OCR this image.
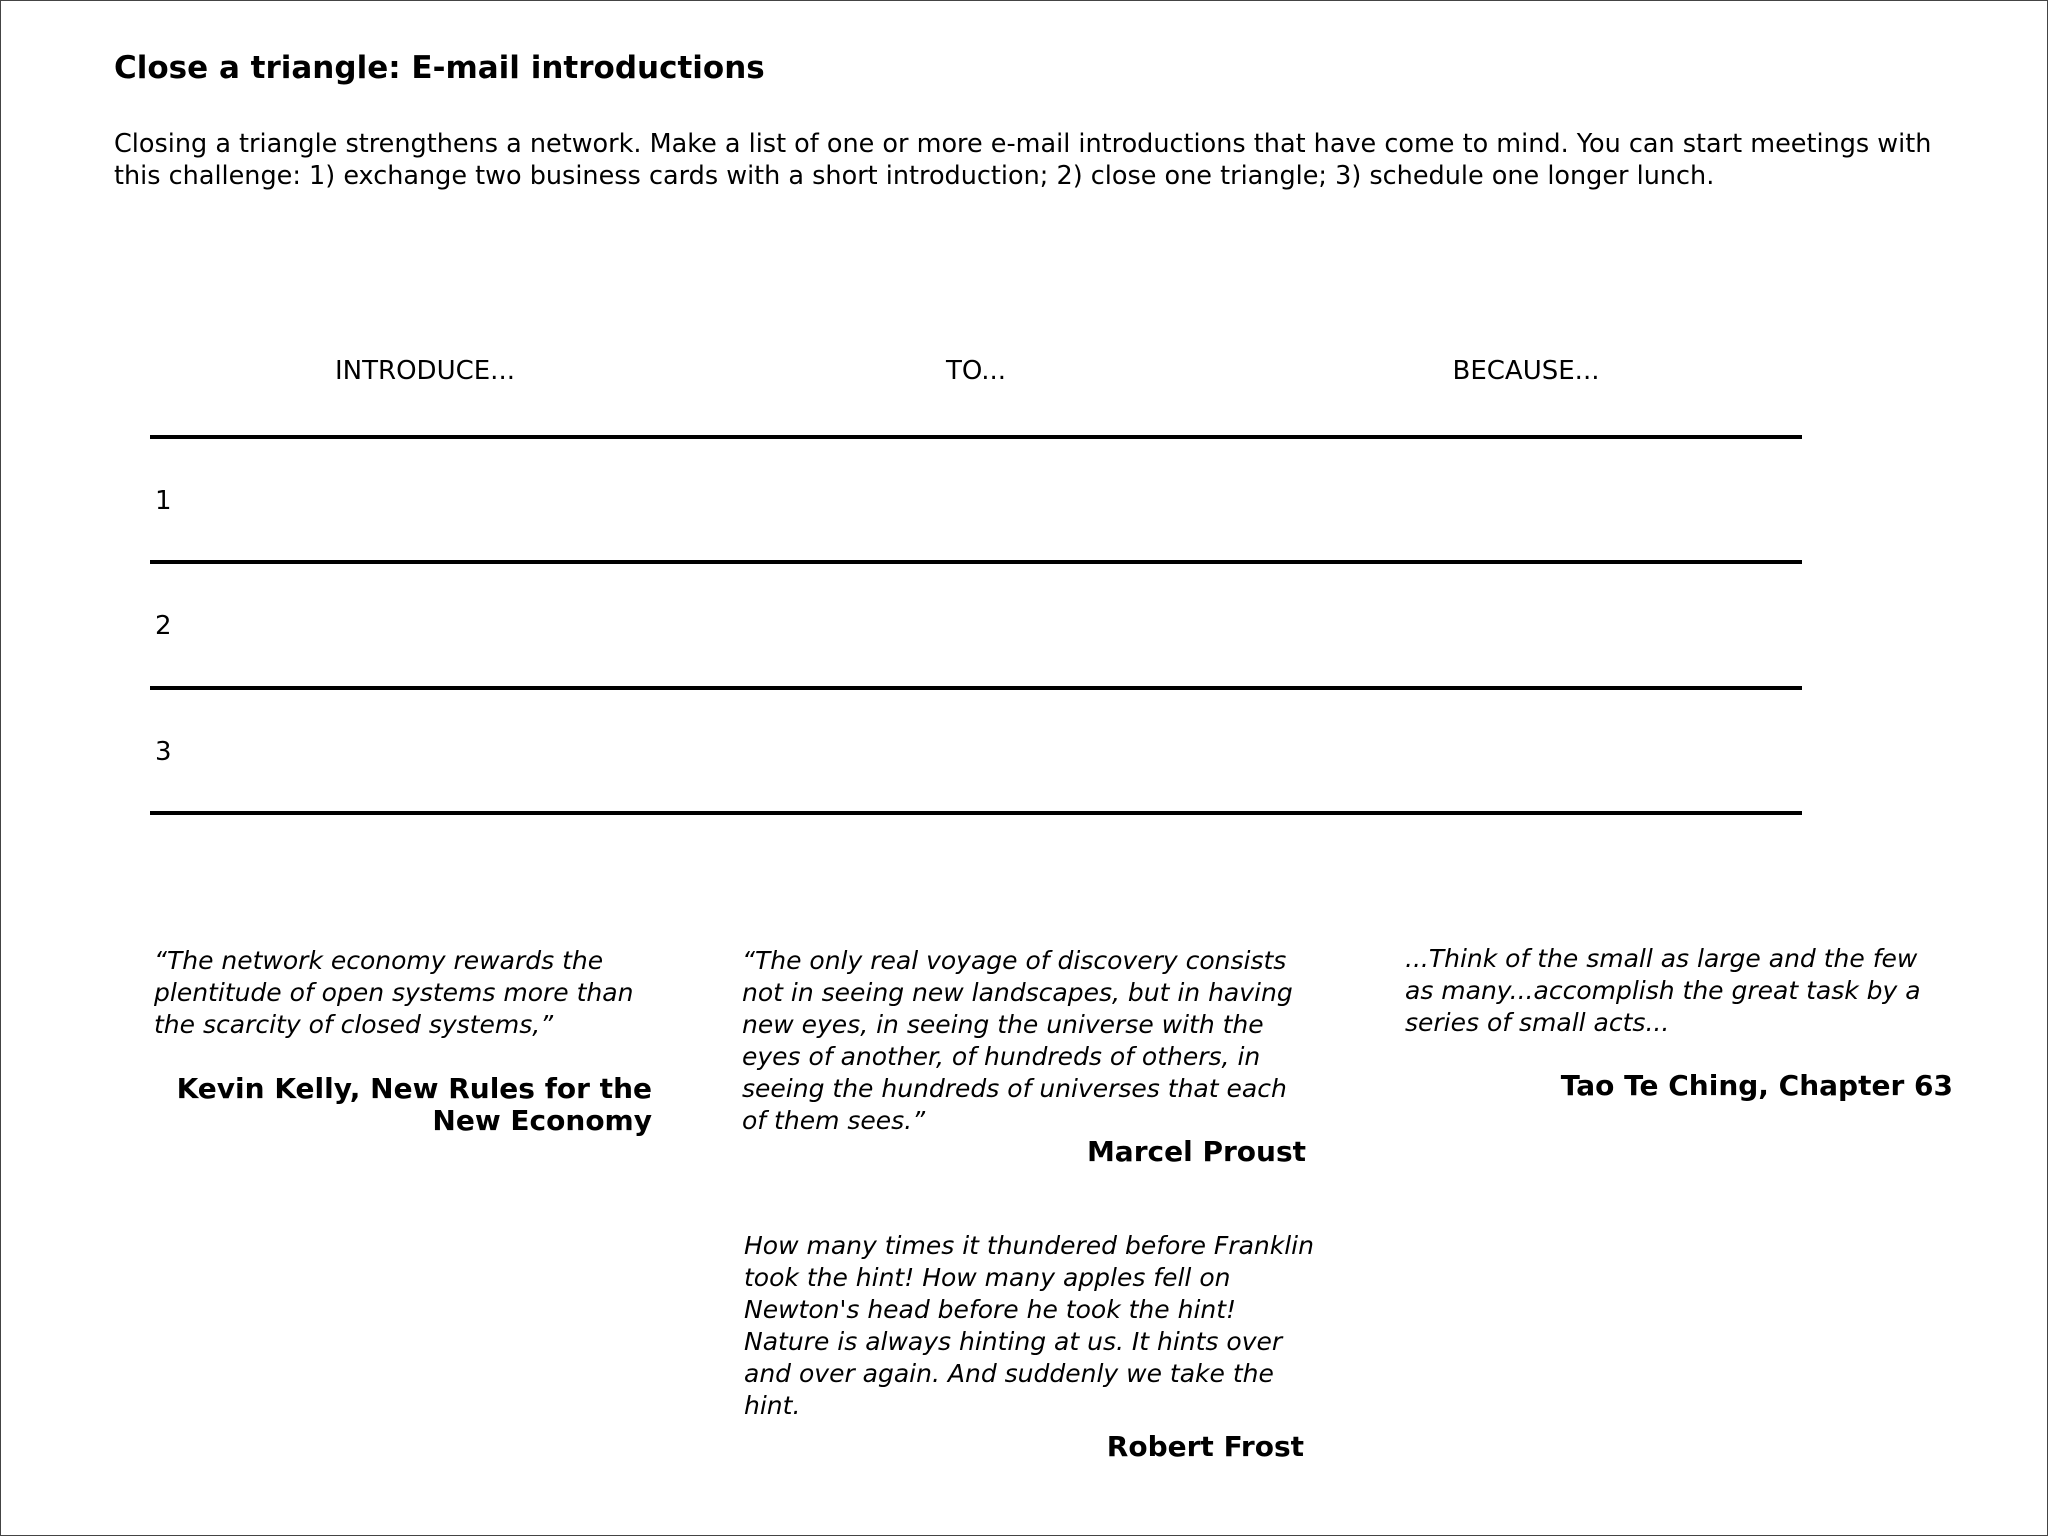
Close a triangle: E-mail introductions

Closing a triangle strengthens a network. Make a list of one or more e-mail introductions that have come to mind. You can start meetings with this challenge: 1) exchange two business cards with a short introduction; 2) close one triangle; 3) schedule one longer lunch.

INTRODUCE...	TO...	BECAUSE...
1
2
3

“The network economy rewards the plentitude of open systems more than the scarcity of closed systems,”

Kevin Kelly, New Rules for the New Economy

“The only real voyage of discovery consists not in seeing new landscapes, but in having new eyes, in seeing the universe with the eyes of another, of hundreds of others, in seeing the hundreds of universes that each of them sees.”

Marcel Proust

...Think of the small as large and the few as many...accomplish the great task by a series of small acts...

Tao Te Ching, Chapter 63

How many times it thundered before Franklin took the hint! How many apples fell on Newton's head before he took the hint! Nature is always hinting at us. It hints over and over again. And suddenly we take the hint.

Robert Frost
